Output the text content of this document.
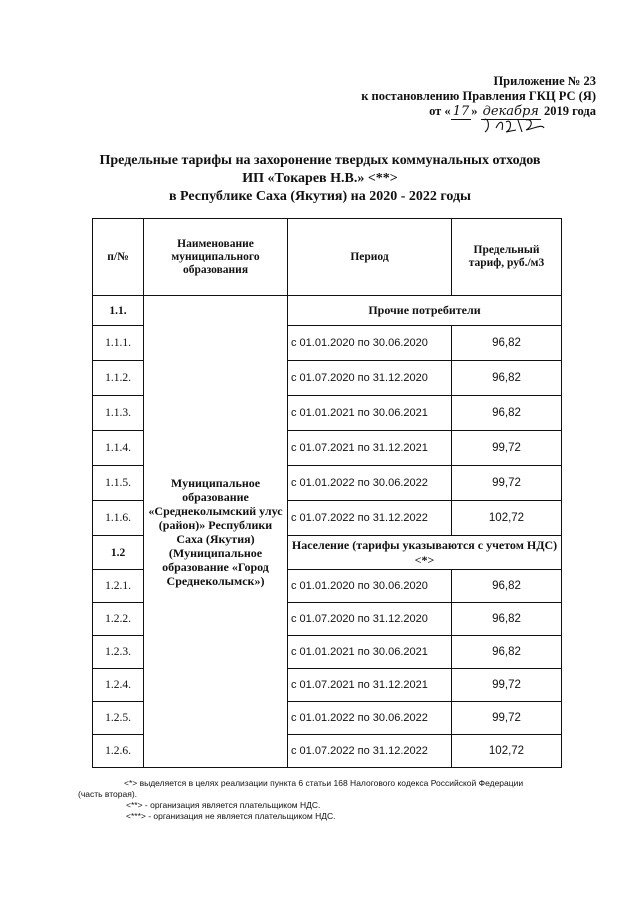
Приложение № 23
к постановлению Правления ГКЦ РС (Я)
от « 17 » декабря 2019 года
Предельные тарифы на захоронение твердых коммунальных отходов
ИП «Токарев Н.В.» <**>
в Республике Саха (Якутия) на 2020 - 2022 годы
п/№	Наименование муниципального образования	Период	Предельный тариф, руб./м3
1.1.	Муниципальное образование «Среднеколымский улус (район)» Республики Саха (Якутия) (Муниципальное образование «Город Среднеколымск»)	Прочие потребители	
1.1.1.		с 01.01.2020 по 30.06.2020	96,82
1.1.2.		с 01.07.2020 по 31.12.2020	96,82
1.1.3.		с 01.01.2021 по 30.06.2021	96,82
1.1.4.		с 01.07.2021 по 31.12.2021	99,72
1.1.5.		с 01.01.2022 по 30.06.2022	99,72
1.1.6.		с 01.07.2022 по 31.12.2022	102,72
1.2		Население (тарифы указываются с учетом НДС) <*>	
1.2.1.		с 01.01.2020 по 30.06.2020	96,82
1.2.2.		с 01.07.2020 по 31.12.2020	96,82
1.2.3.		с 01.01.2021 по 30.06.2021	96,82
1.2.4.		с 01.07.2021 по 31.12.2021	99,72
1.2.5.		с 01.01.2022 по 30.06.2022	99,72
1.2.6.		с 01.07.2022 по 31.12.2022	102,72
<*> выделяется в целях реализации пункта 6 статьи 168 Налогового кодекса Российской Федерации
(часть вторая).
<**> - организация является плательщиком НДС.
<***> - организация не является плательщиком НДС.
